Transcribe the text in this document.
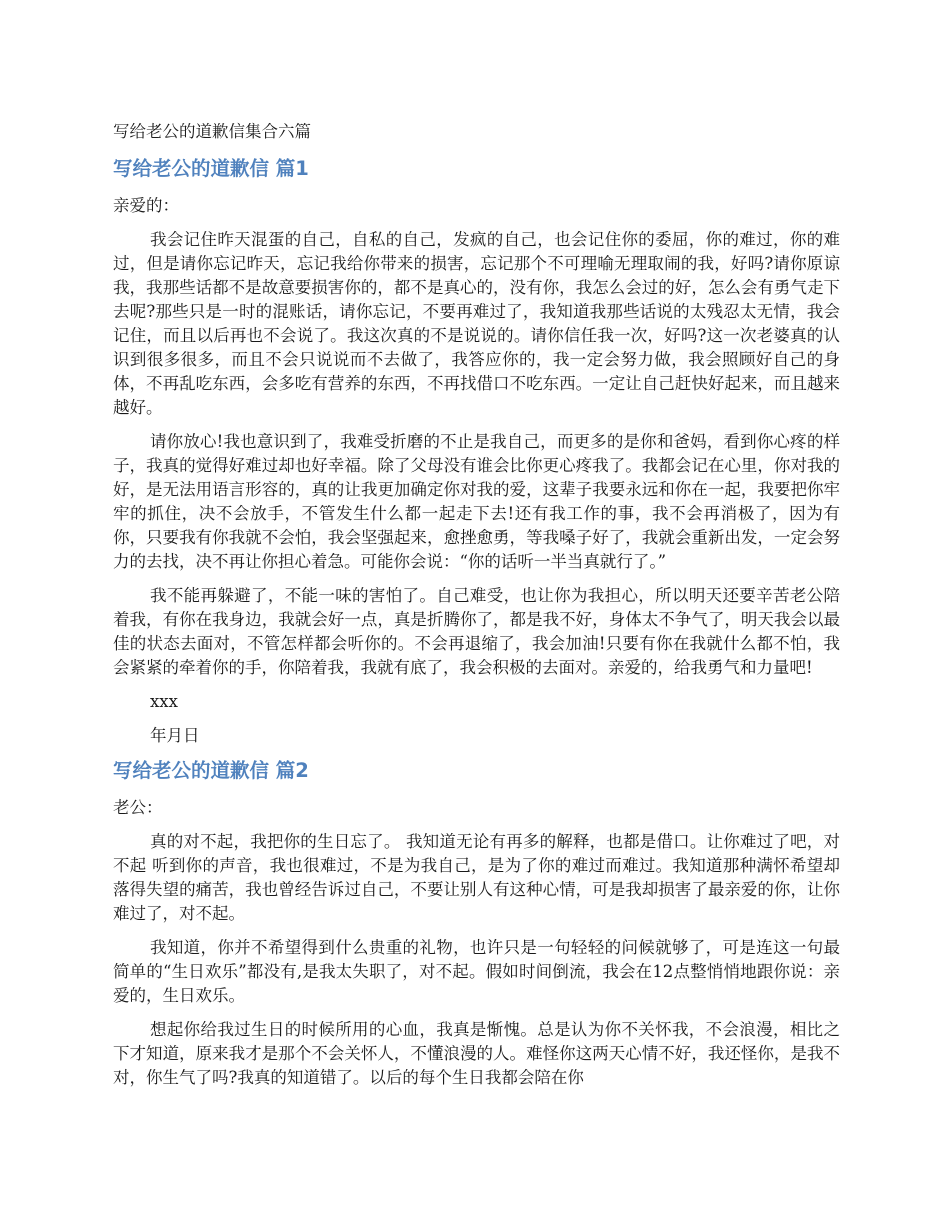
写给老公的道歉信集合六篇
写给老公的道歉信 篇1
亲爱的：

我会记住昨天混蛋的自己，自私的自己，发疯的自己，也会记住你的委屈，你的难过，你的难过，但是请你忘记昨天，忘记我给你带来的损害，忘记那个不可理喻无理取闹的我，好吗?请你原谅我，我那些话都不是故意要损害你的，都不是真心的，没有你，我怎么会过的好，怎么会有勇气走下去呢?那些只是一时的混账话，请你忘记，不要再难过了，我知道我那些话说的太残忍太无情，我会记住，而且以后再也不会说了。我这次真的不是说说的。请你信任我一次，好吗?这一次老婆真的认识到很多很多，而且不会只说说而不去做了，我答应你的，我一定会努力做，我会照顾好自己的身体，不再乱吃东西，会多吃有营养的东西，不再找借口不吃东西。一定让自己赶快好起来，而且越来越好。

请你放心!我也意识到了，我难受折磨的不止是我自己，而更多的是你和爸妈，看到你心疼的样子，我真的觉得好难过却也好幸福。除了父母没有谁会比你更心疼我了。我都会记在心里，你对我的好，是无法用语言形容的，真的让我更加确定你对我的爱，这辈子我要永远和你在一起，我要把你牢牢的抓住，决不会放手，不管发生什么都一起走下去!还有我工作的事，我不会再消极了，因为有你，只要我有你我就不会怕，我会坚强起来，愈挫愈勇，等我嗓子好了，我就会重新出发，一定会努力的去找，决不再让你担心着急。可能你会说：“你的话听一半当真就行了。”

我不能再躲避了，不能一味的害怕了。自己难受，也让你为我担心，所以明天还要辛苦老公陪着我，有你在我身边，我就会好一点，真是折腾你了，都是我不好，身体太不争气了，明天我会以最佳的状态去面对，不管怎样都会听你的。不会再退缩了，我会加油!只要有你在我就什么都不怕，我会紧紧的牵着你的手，你陪着我，我就有底了，我会积极的去面对。亲爱的，给我勇气和力量吧!

xxx
年月日
写给老公的道歉信 篇2
老公：

真的对不起，我把你的生日忘了。 我知道无论有再多的解释，也都是借口。让你难过了吧，对不起 听到你的声音，我也很难过，不是为我自己，是为了你的难过而难过。我知道那种满怀希望却落得失望的痛苦，我也曾经告诉过自己，不要让别人有这种心情，可是我却损害了最亲爱的你，让你难过了，对不起。

我知道，你并不希望得到什么贵重的礼物，也许只是一句轻轻的问候就够了，可是连这一句最简单的“生日欢乐”都没有,是我太失职了，对不起。假如时间倒流，我会在12点整悄悄地跟你说：亲爱的，生日欢乐。

想起你给我过生日的时候所用的心血，我真是惭愧。总是认为你不关怀我，不会浪漫，相比之下才知道，原来我才是那个不会关怀人，不懂浪漫的人。难怪你这两天心情不好，我还怪你，是我不对，你生气了吗?我真的知道错了。以后的每个生日我都会陪在你
